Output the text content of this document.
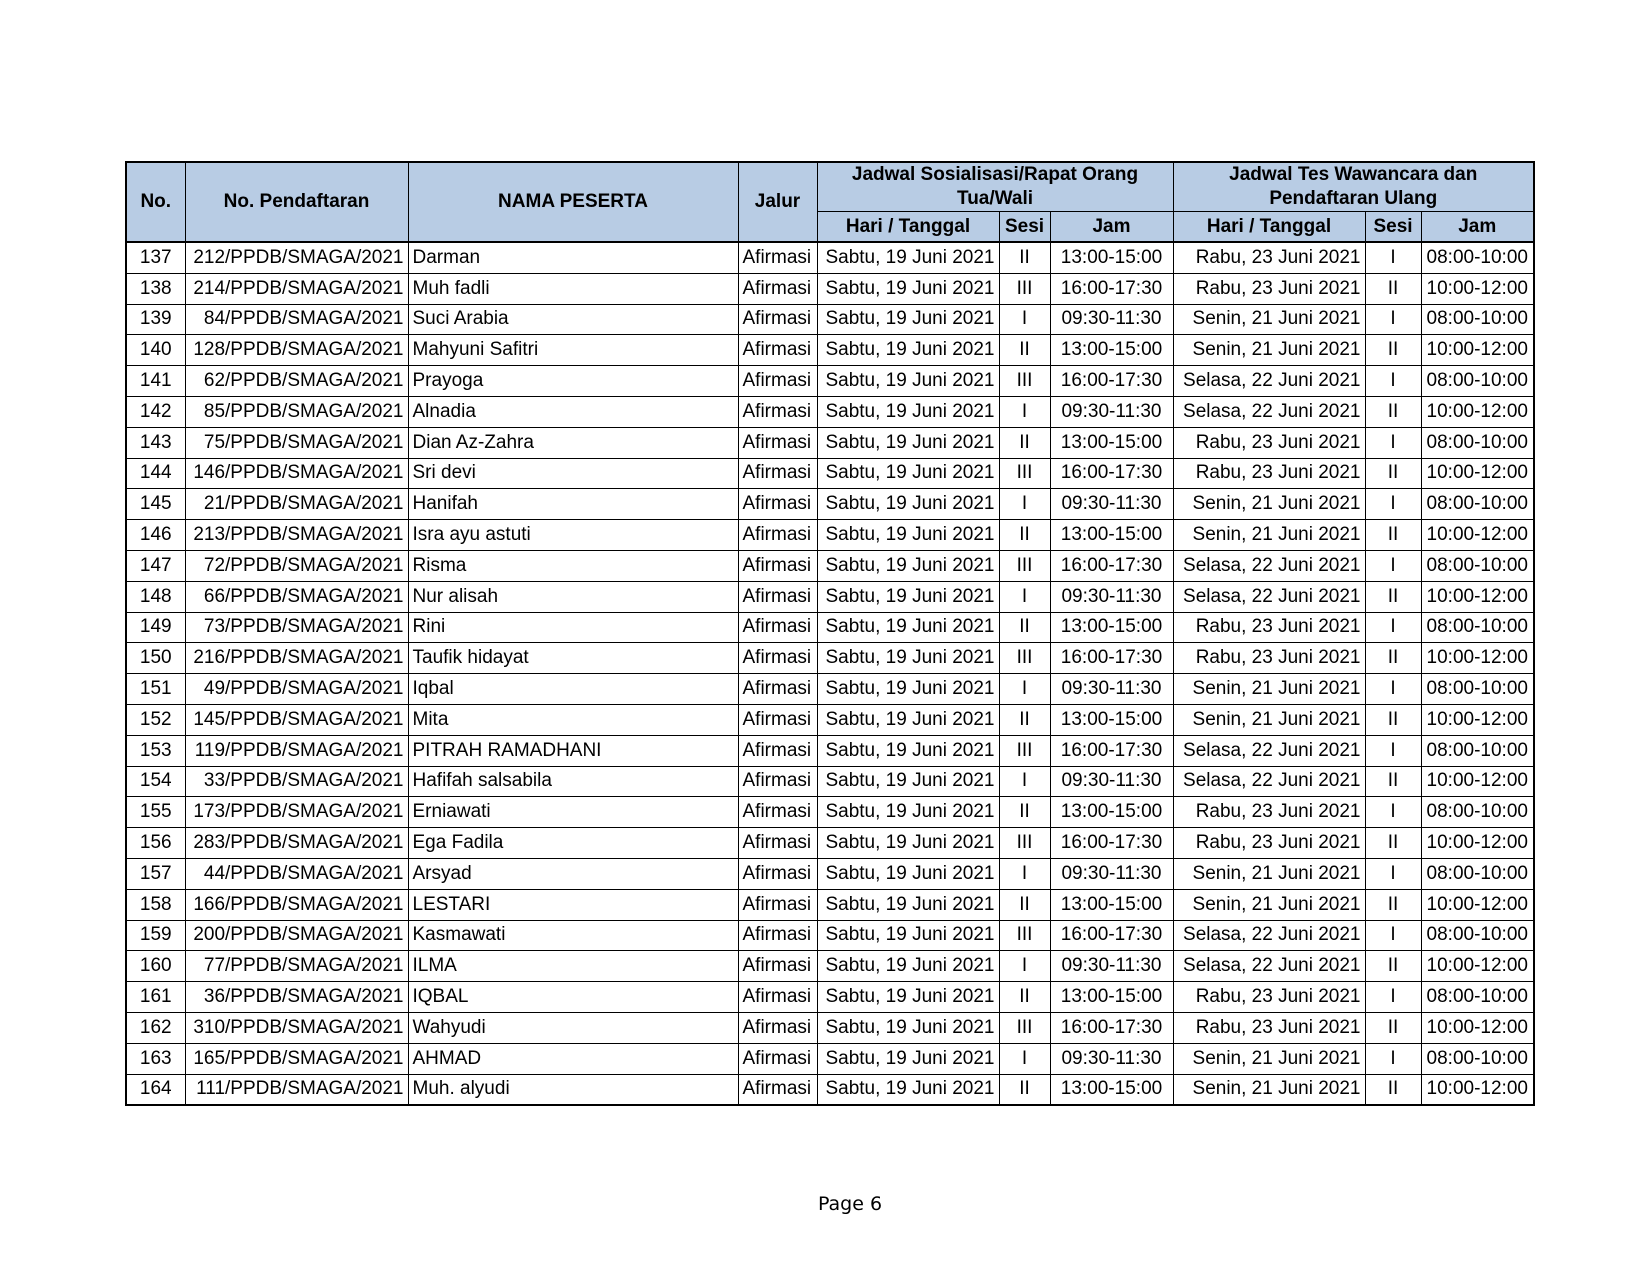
No.	No. Pendaftaran	NAMA PESERTA	Jalur	Jadwal Sosialisasi/Rapat Orang Tua/Wali			Jadwal Tes Wawancara dan Pendaftaran Ulang		
				Hari / Tanggal	Sesi	Jam	Hari / Tanggal	Sesi	Jam
137	212/PPDB/SMAGA/2021	Darman	Afirmasi	Sabtu, 19 Juni 2021	II	13:00-15:00	Rabu, 23 Juni 2021	I	08:00-10:00
138	214/PPDB/SMAGA/2021	Muh fadli	Afirmasi	Sabtu, 19 Juni 2021	III	16:00-17:30	Rabu, 23 Juni 2021	II	10:00-12:00
139	84/PPDB/SMAGA/2021	Suci Arabia	Afirmasi	Sabtu, 19 Juni 2021	I	09:30-11:30	Senin, 21 Juni 2021	I	08:00-10:00
140	128/PPDB/SMAGA/2021	Mahyuni Safitri	Afirmasi	Sabtu, 19 Juni 2021	II	13:00-15:00	Senin, 21 Juni 2021	II	10:00-12:00
141	62/PPDB/SMAGA/2021	Prayoga	Afirmasi	Sabtu, 19 Juni 2021	III	16:00-17:30	Selasa, 22 Juni 2021	I	08:00-10:00
142	85/PPDB/SMAGA/2021	Alnadia	Afirmasi	Sabtu, 19 Juni 2021	I	09:30-11:30	Selasa, 22 Juni 2021	II	10:00-12:00
143	75/PPDB/SMAGA/2021	Dian Az-Zahra	Afirmasi	Sabtu, 19 Juni 2021	II	13:00-15:00	Rabu, 23 Juni 2021	I	08:00-10:00
144	146/PPDB/SMAGA/2021	Sri devi	Afirmasi	Sabtu, 19 Juni 2021	III	16:00-17:30	Rabu, 23 Juni 2021	II	10:00-12:00
145	21/PPDB/SMAGA/2021	Hanifah	Afirmasi	Sabtu, 19 Juni 2021	I	09:30-11:30	Senin, 21 Juni 2021	I	08:00-10:00
146	213/PPDB/SMAGA/2021	Isra ayu astuti	Afirmasi	Sabtu, 19 Juni 2021	II	13:00-15:00	Senin, 21 Juni 2021	II	10:00-12:00
147	72/PPDB/SMAGA/2021	Risma	Afirmasi	Sabtu, 19 Juni 2021	III	16:00-17:30	Selasa, 22 Juni 2021	I	08:00-10:00
148	66/PPDB/SMAGA/2021	Nur alisah	Afirmasi	Sabtu, 19 Juni 2021	I	09:30-11:30	Selasa, 22 Juni 2021	II	10:00-12:00
149	73/PPDB/SMAGA/2021	Rini	Afirmasi	Sabtu, 19 Juni 2021	II	13:00-15:00	Rabu, 23 Juni 2021	I	08:00-10:00
150	216/PPDB/SMAGA/2021	Taufik hidayat	Afirmasi	Sabtu, 19 Juni 2021	III	16:00-17:30	Rabu, 23 Juni 2021	II	10:00-12:00
151	49/PPDB/SMAGA/2021	Iqbal	Afirmasi	Sabtu, 19 Juni 2021	I	09:30-11:30	Senin, 21 Juni 2021	I	08:00-10:00
152	145/PPDB/SMAGA/2021	Mita	Afirmasi	Sabtu, 19 Juni 2021	II	13:00-15:00	Senin, 21 Juni 2021	II	10:00-12:00
153	119/PPDB/SMAGA/2021	PITRAH RAMADHANI	Afirmasi	Sabtu, 19 Juni 2021	III	16:00-17:30	Selasa, 22 Juni 2021	I	08:00-10:00
154	33/PPDB/SMAGA/2021	Hafifah salsabila	Afirmasi	Sabtu, 19 Juni 2021	I	09:30-11:30	Selasa, 22 Juni 2021	II	10:00-12:00
155	173/PPDB/SMAGA/2021	Erniawati	Afirmasi	Sabtu, 19 Juni 2021	II	13:00-15:00	Rabu, 23 Juni 2021	I	08:00-10:00
156	283/PPDB/SMAGA/2021	Ega Fadila	Afirmasi	Sabtu, 19 Juni 2021	III	16:00-17:30	Rabu, 23 Juni 2021	II	10:00-12:00
157	44/PPDB/SMAGA/2021	Arsyad	Afirmasi	Sabtu, 19 Juni 2021	I	09:30-11:30	Senin, 21 Juni 2021	I	08:00-10:00
158	166/PPDB/SMAGA/2021	LESTARI	Afirmasi	Sabtu, 19 Juni 2021	II	13:00-15:00	Senin, 21 Juni 2021	II	10:00-12:00
159	200/PPDB/SMAGA/2021	Kasmawati	Afirmasi	Sabtu, 19 Juni 2021	III	16:00-17:30	Selasa, 22 Juni 2021	I	08:00-10:00
160	77/PPDB/SMAGA/2021	ILMA	Afirmasi	Sabtu, 19 Juni 2021	I	09:30-11:30	Selasa, 22 Juni 2021	II	10:00-12:00
161	36/PPDB/SMAGA/2021	IQBAL	Afirmasi	Sabtu, 19 Juni 2021	II	13:00-15:00	Rabu, 23 Juni 2021	I	08:00-10:00
162	310/PPDB/SMAGA/2021	Wahyudi	Afirmasi	Sabtu, 19 Juni 2021	III	16:00-17:30	Rabu, 23 Juni 2021	II	10:00-12:00
163	165/PPDB/SMAGA/2021	AHMAD	Afirmasi	Sabtu, 19 Juni 2021	I	09:30-11:30	Senin, 21 Juni 2021	I	08:00-10:00
164	111/PPDB/SMAGA/2021	Muh. alyudi	Afirmasi	Sabtu, 19 Juni 2021	II	13:00-15:00	Senin, 21 Juni 2021	II	10:00-12:00
Page 6
